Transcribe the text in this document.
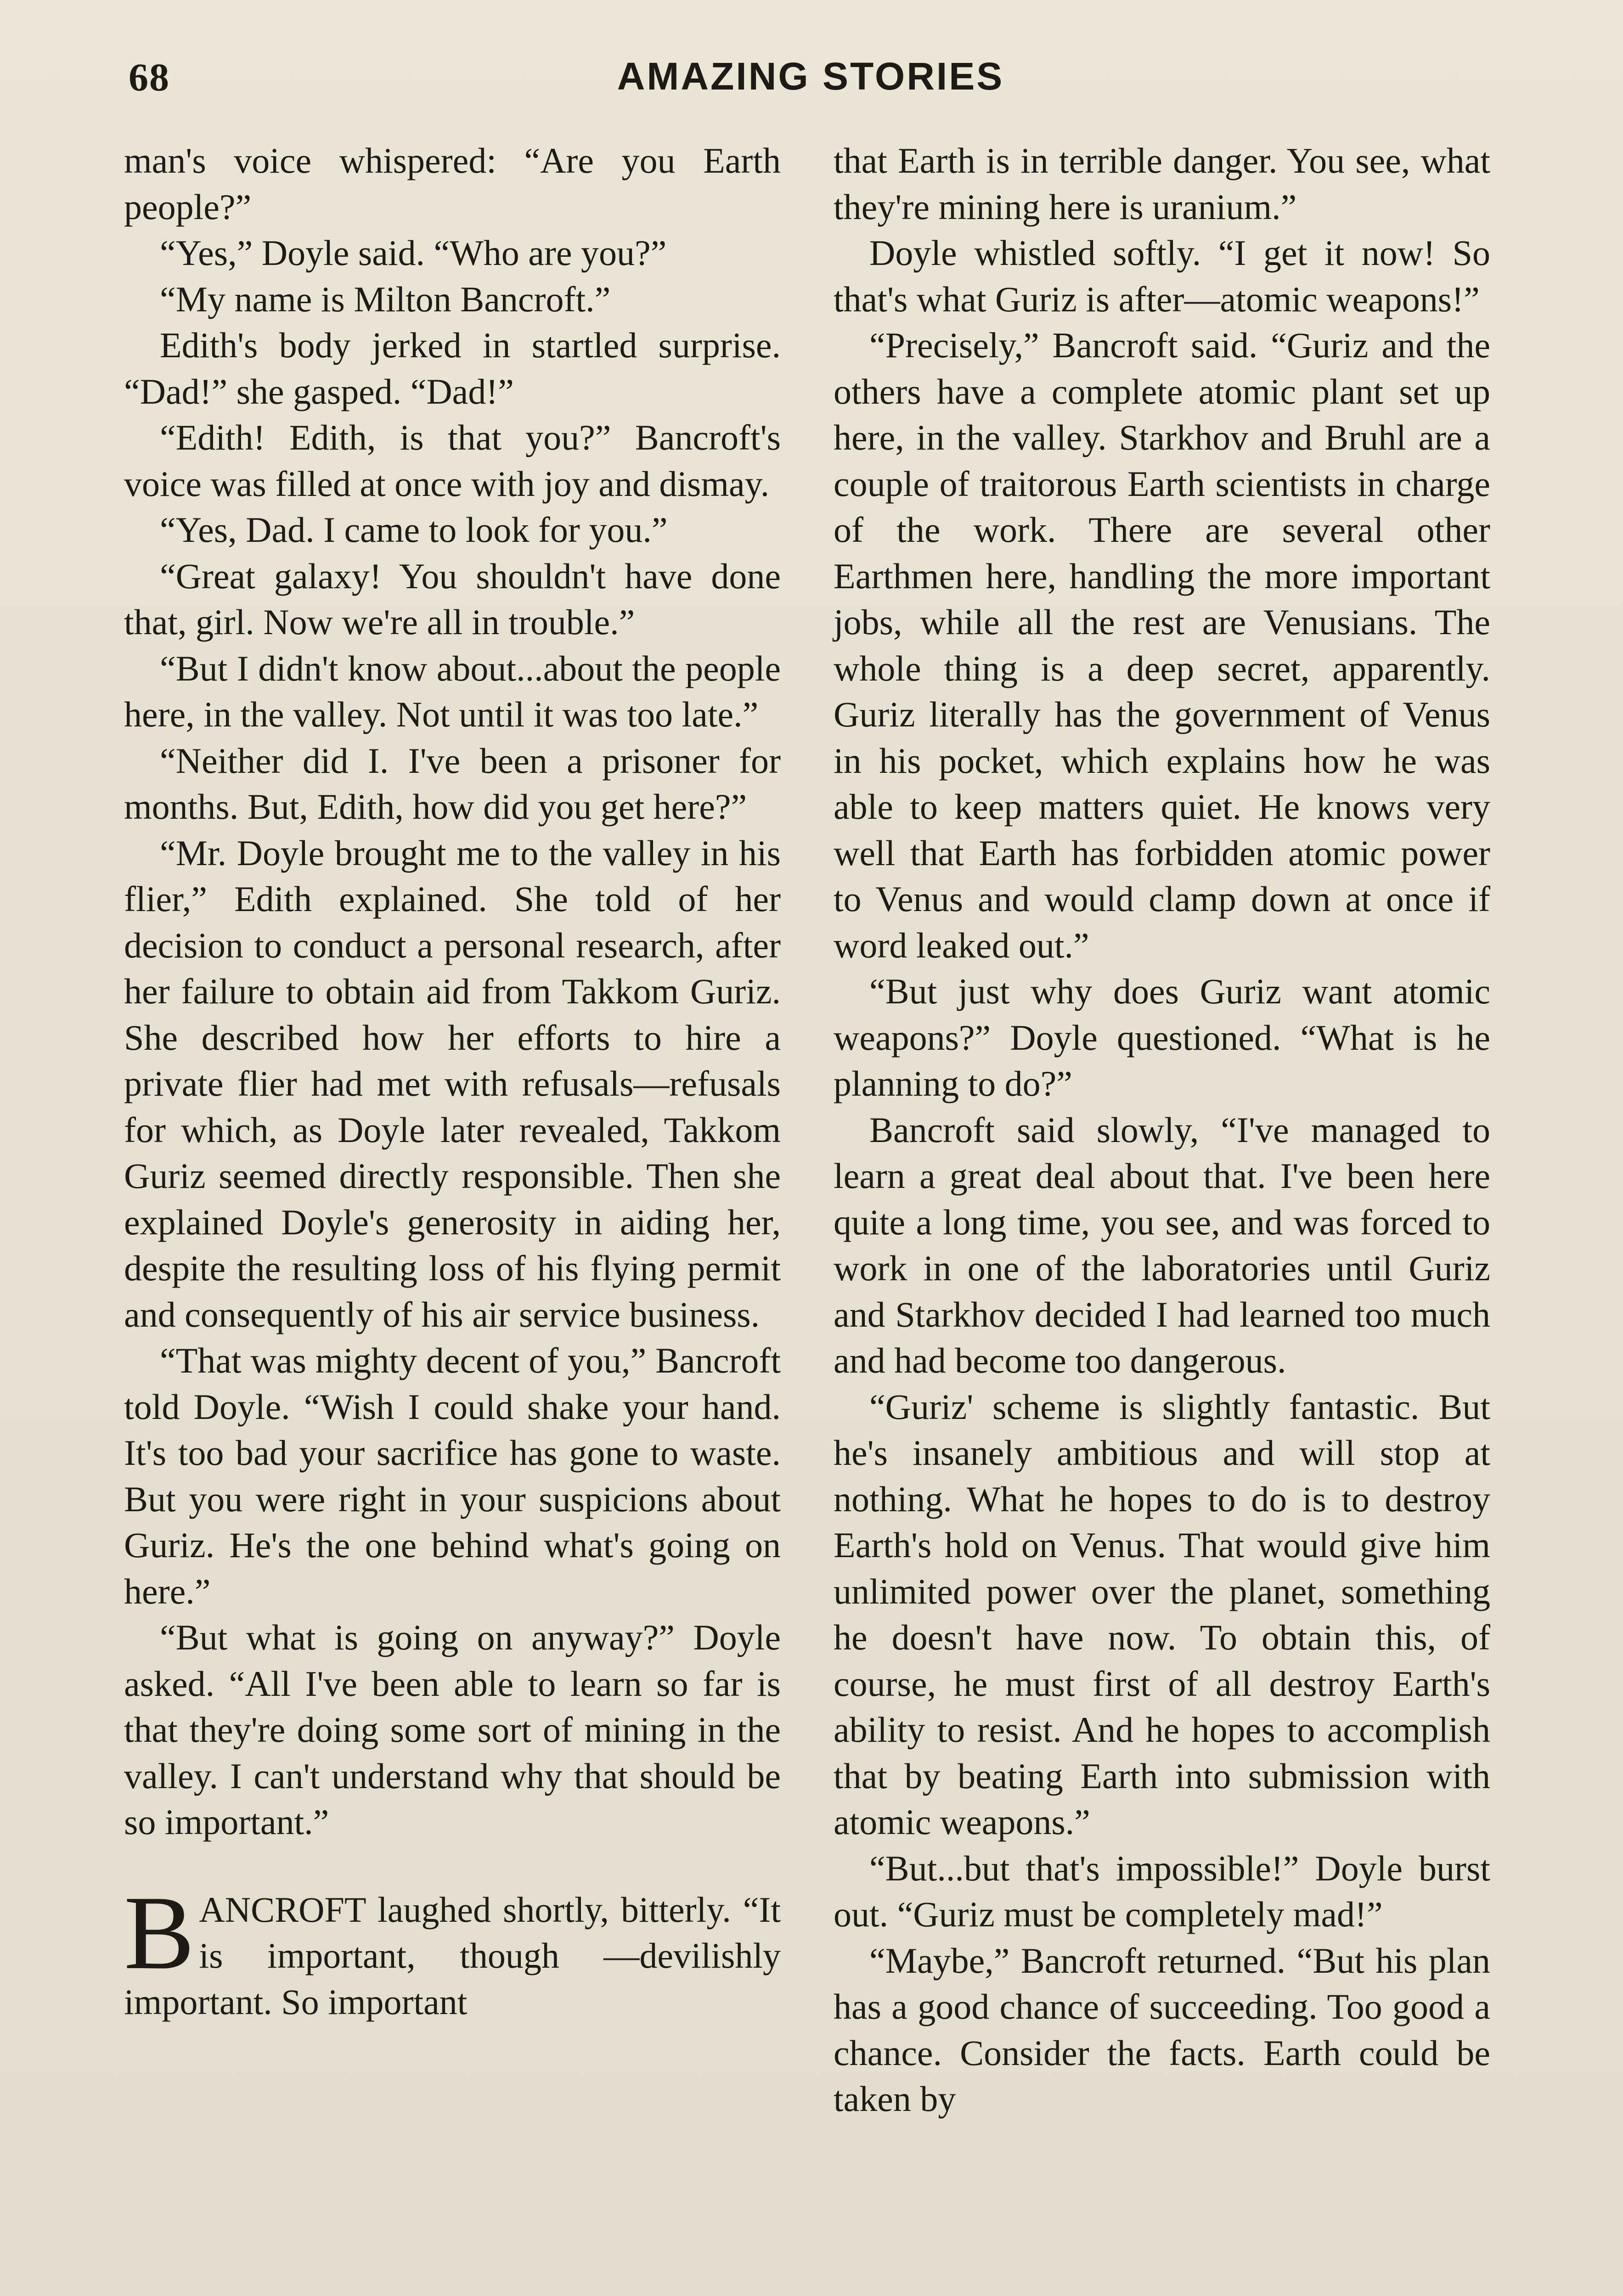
68	AMAZING STORIES

man's voice whispered: “Are you Earth people?”

“Yes,” Doyle said. “Who are you?”

“My name is Milton Bancroft.”

Edith's body jerked in startled surprise. “Dad!” she gasped. “Dad!”

“Edith! Edith, is that you?” Bancroft's voice was filled at once with joy and dismay.

“Yes, Dad. I came to look for you.”

“Great galaxy! You shouldn't have done that, girl. Now we're all in trouble.”

“But I didn't know about...about the people here, in the valley. Not until it was too late.”

“Neither did I. I've been a prisoner for months. But, Edith, how did you get here?”

“Mr. Doyle brought me to the valley in his flier,” Edith explained. She told of her decision to conduct a personal research, after her failure to obtain aid from Takkom Guriz. She described how her efforts to hire a private flier had met with refusals—refusals for which, as Doyle later revealed, Takkom Guriz seemed directly responsible. Then she explained Doyle's generosity in aiding her, despite the resulting loss of his flying permit and consequently of his air service business.

“That was mighty decent of you,” Bancroft told Doyle. “Wish I could shake your hand. It's too bad your sacrifice has gone to waste. But you were right in your suspicions about Guriz. He's the one behind what's going on here.”

“But what is going on anyway?” Doyle asked. “All I've been able to learn so far is that they're doing some sort of mining in the valley. I can't understand why that should be so important.”

BANCROFT laughed shortly, bitterly. “It is important, though —devilishly important. So important

that Earth is in terrible danger. You see, what they're mining here is uranium.”

Doyle whistled softly. “I get it now! So that's what Guriz is after—atomic weapons!”

“Precisely,” Bancroft said. “Guriz and the others have a complete atomic plant set up here, in the valley. Starkhov and Bruhl are a couple of traitorous Earth scientists in charge of the work. There are several other Earthmen here, handling the more important jobs, while all the rest are Venusians. The whole thing is a deep secret, apparently. Guriz literally has the government of Venus in his pocket, which explains how he was able to keep matters quiet. He knows very well that Earth has forbidden atomic power to Venus and would clamp down at once if word leaked out.”

“But just why does Guriz want atomic weapons?” Doyle questioned. “What is he planning to do?”

Bancroft said slowly, “I've managed to learn a great deal about that. I've been here quite a long time, you see, and was forced to work in one of the laboratories until Guriz and Starkhov decided I had learned too much and had become too dangerous.

“Guriz' scheme is slightly fantastic. But he's insanely ambitious and will stop at nothing. What he hopes to do is to destroy Earth's hold on Venus. That would give him unlimited power over the planet, something he doesn't have now. To obtain this, of course, he must first of all destroy Earth's ability to resist. And he hopes to accomplish that by beating Earth into submission with atomic weapons.”

“But...but that's impossible!” Doyle burst out. “Guriz must be completely mad!”

“Maybe,” Bancroft returned. “But his plan has a good chance of succeeding. Too good a chance. Consider the facts. Earth could be taken by
